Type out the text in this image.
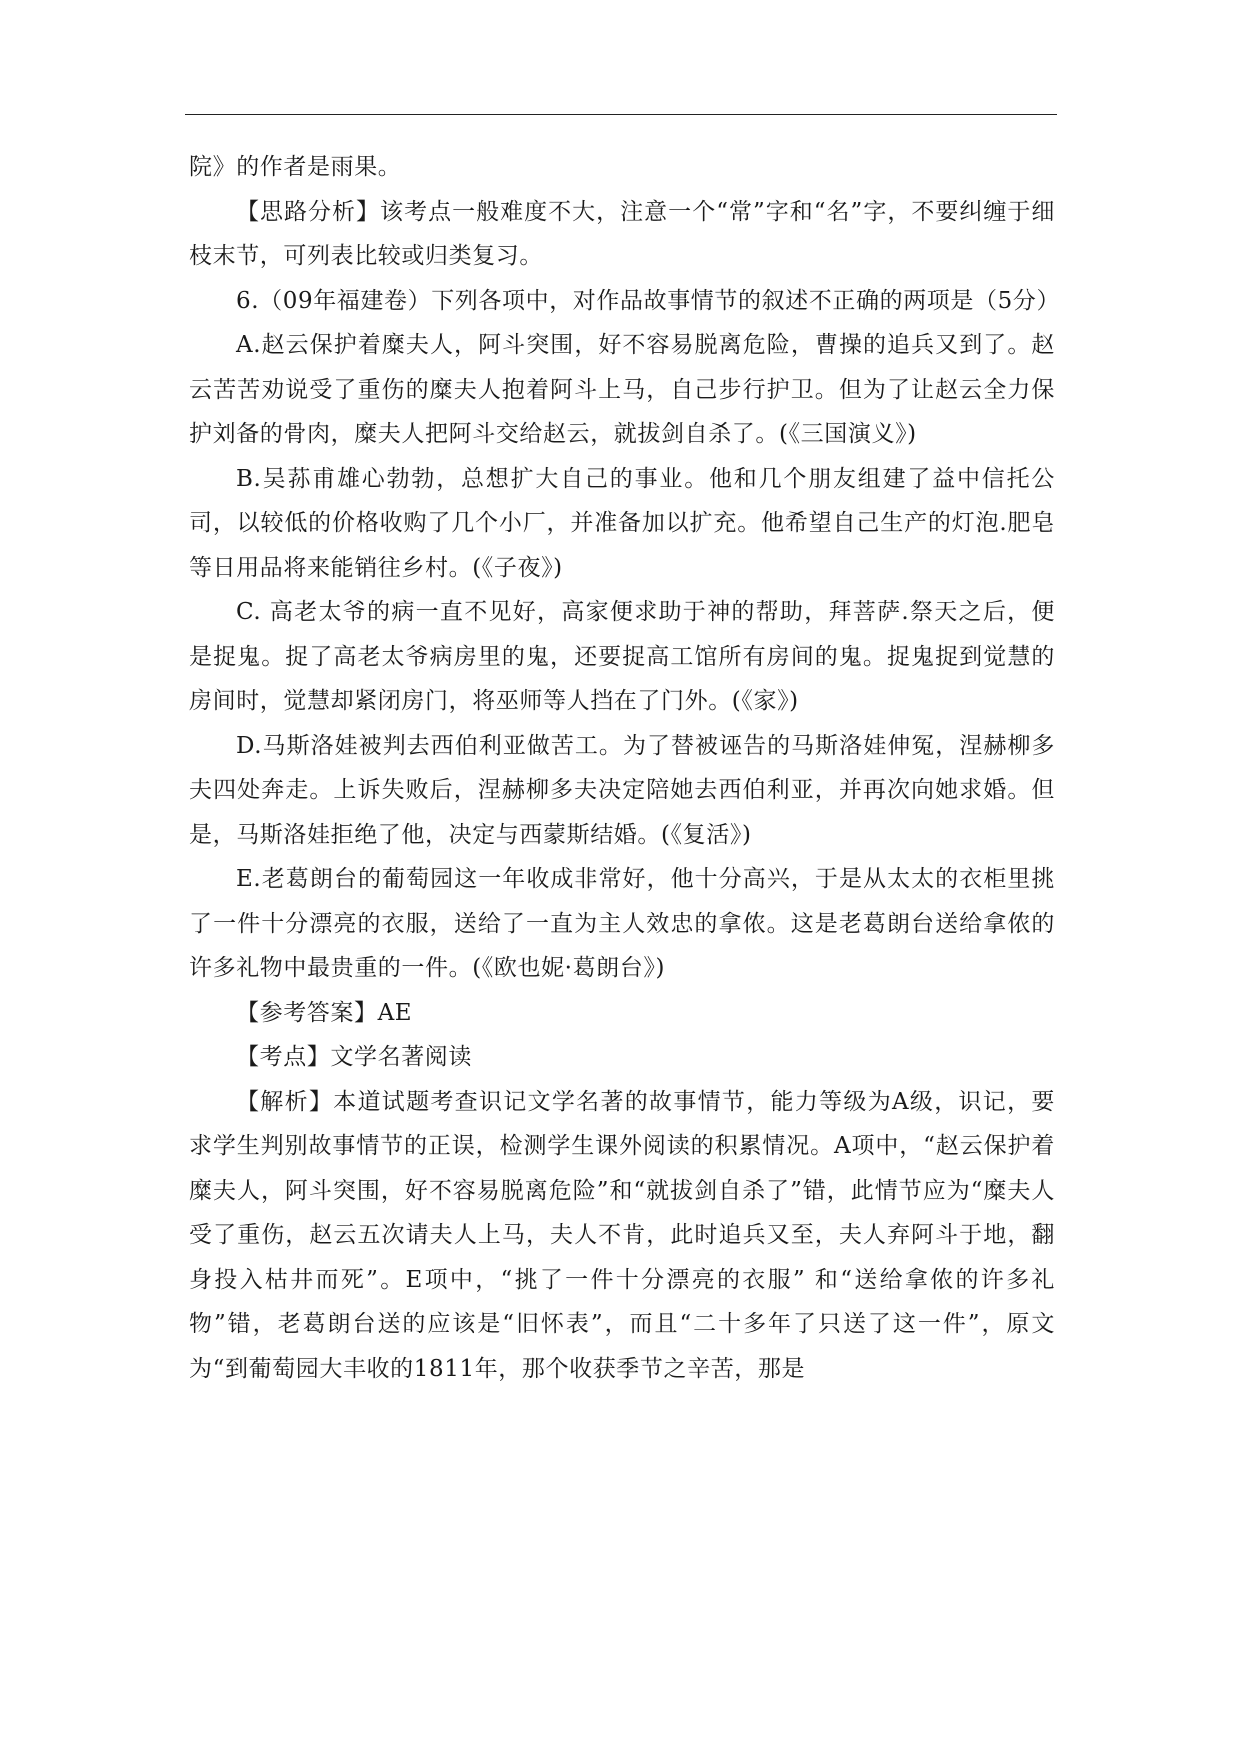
院》的作者是雨果。

【思路分析】该考点一般难度不大，注意一个“常”字和“名”字，不要纠缠于细枝末节，可列表比较或归类复习。

6.（09年福建卷）下列各项中，对作品故事情节的叙述不正确的两项是（5分）

A.赵云保护着糜夫人，阿斗突围，好不容易脱离危险，曹操的追兵又到了。赵云苦苦劝说受了重伤的糜夫人抱着阿斗上马，自己步行护卫。但为了让赵云全力保护刘备的骨肉，糜夫人把阿斗交给赵云，就拔剑自杀了。(《三国演义》)

B.吴荪甫雄心勃勃，总想扩大自己的事业。他和几个朋友组建了益中信托公司，以较低的价格收购了几个小厂，并准备加以扩充。他希望自己生产的灯泡.肥皂等日用品将来能销往乡村。(《子夜》)

C. 高老太爷的病一直不见好，高家便求助于神的帮助，拜菩萨.祭天之后，便是捉鬼。捉了高老太爷病房里的鬼，还要捉高工馆所有房间的鬼。捉鬼捉到觉慧的房间时，觉慧却紧闭房门，将巫师等人挡在了门外。(《家》)

D.马斯洛娃被判去西伯利亚做苦工。为了替被诬告的马斯洛娃伸冤，涅赫柳多夫四处奔走。上诉失败后，涅赫柳多夫决定陪她去西伯利亚，并再次向她求婚。但是，马斯洛娃拒绝了他，决定与西蒙斯结婚。(《复活》)

E.老葛朗台的葡萄园这一年收成非常好，他十分高兴，于是从太太的衣柜里挑了一件十分漂亮的衣服，送给了一直为主人效忠的拿侬。这是老葛朗台送给拿侬的许多礼物中最贵重的一件。(《欧也妮·葛朗台》)

【参考答案】AE

【考点】文学名著阅读

【解析】本道试题考查识记文学名著的故事情节，能力等级为A级，识记，要求学生判别故事情节的正误，检测学生课外阅读的积累情况。A项中，“赵云保护着糜夫人，阿斗突围，好不容易脱离危险”和“就拔剑自杀了”错，此情节应为“糜夫人受了重伤，赵云五次请夫人上马，夫人不肯，此时追兵又至，夫人弃阿斗于地，翻身投入枯井而死”。E项中，“挑了一件十分漂亮的衣服” 和“送给拿侬的许多礼物”错，老葛朗台送的应该是“旧怀表”，而且“二十多年了只送了这一件”，原文为“到葡萄园大丰收的1811年，那个收获季节之辛苦，那是
